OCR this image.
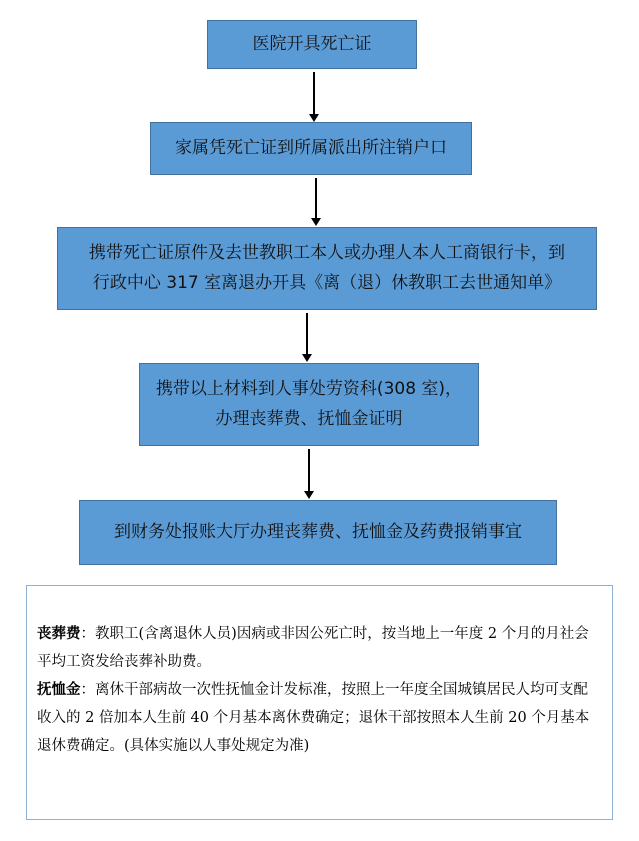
医院开具死亡证
家属凭死亡证到所属派出所注销户口
携带死亡证原件及去世教职工本人或办理人本人工商银行卡，到
行政中心 317 室离退办开具《离（退）休教职工去世通知单》
携带以上材料到人事处劳资科(308 室)，
办理丧葬费、抚恤金证明
到财务处报账大厅办理丧葬费、抚恤金及药费报销事宜

丧葬费：教职工(含离退休人员)因病或非因公死亡时，按当地上一年度 2 个月的月社会平均工资发给丧葬补助费。

抚恤金：离休干部病故一次性抚恤金计发标准，按照上一年度全国城镇居民人均可支配收入的 2 倍加本人生前 40 个月基本离休费确定；退休干部按照本人生前 20 个月基本退休费确定。(具体实施以人事处规定为准)
